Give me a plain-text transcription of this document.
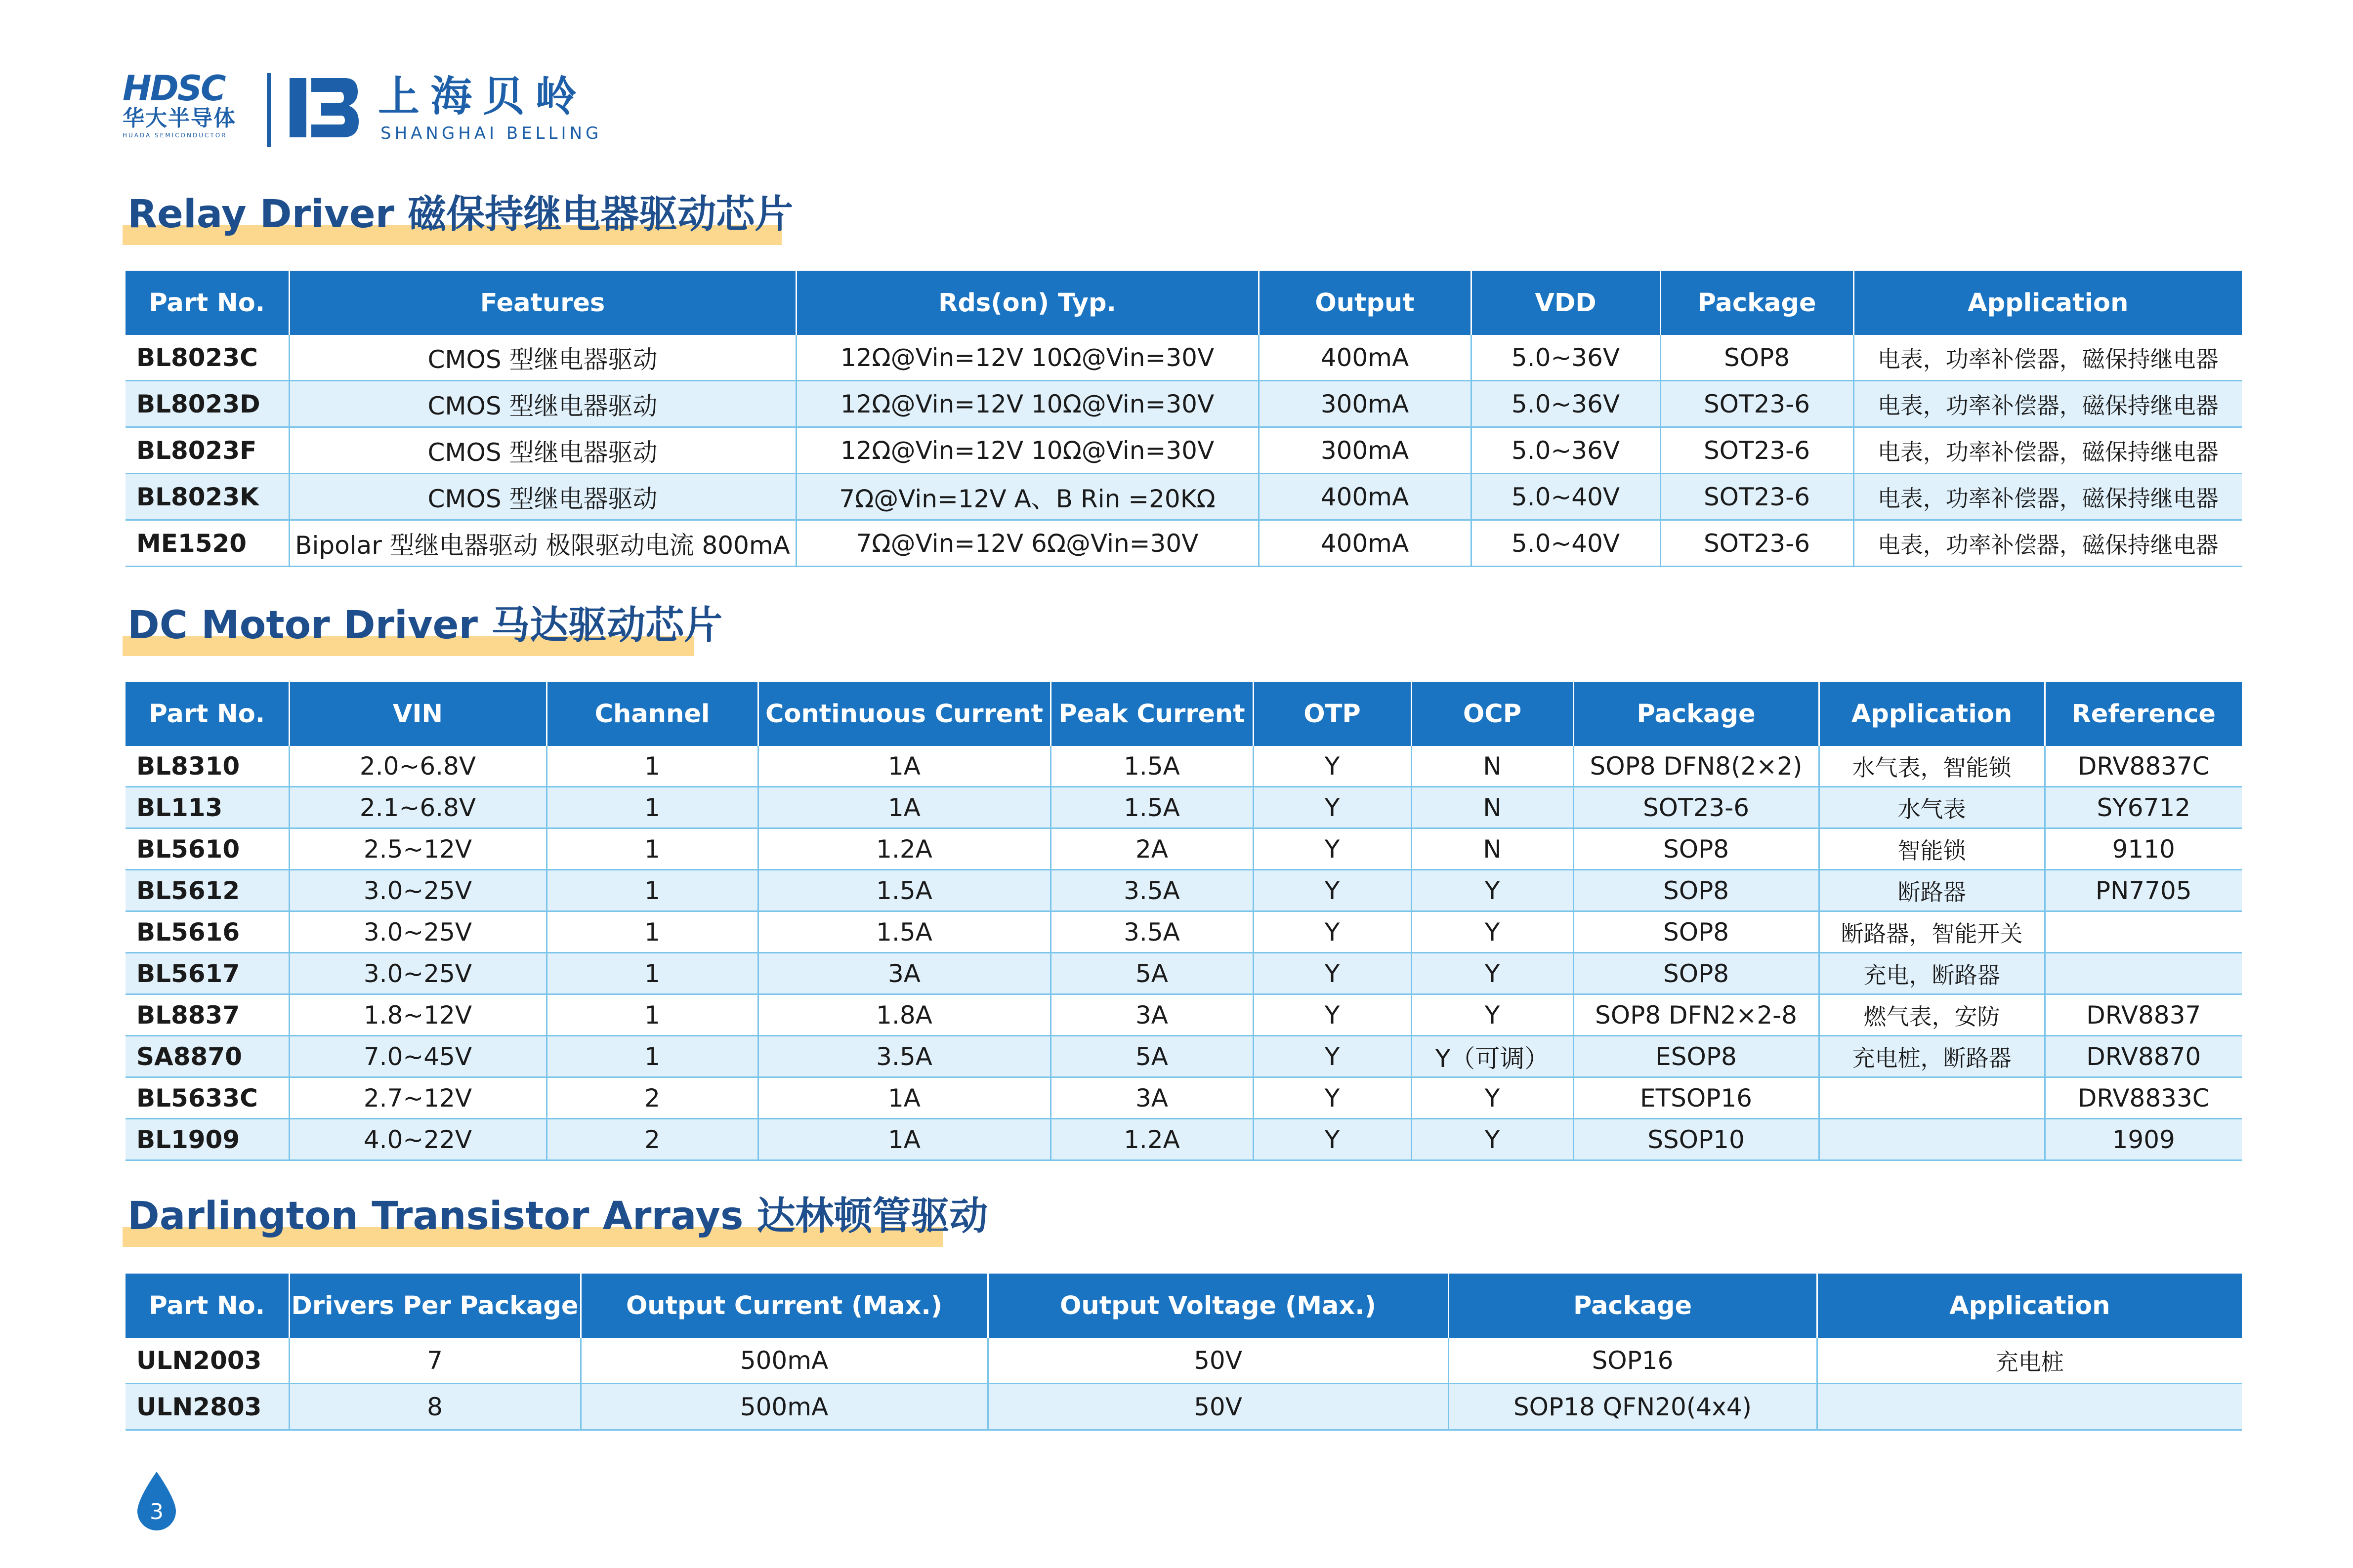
HDSC
华大半导体
HUADA SEMICONDUCTOR
上海贝岭
SHANGHAI BELLING
Relay Driver 磁保持继电器驱动芯片
Part No.	Features	Rds(on) Typ.	Output	VDD	Package	Application
BL8023C	CMOS 型继电器驱动	12Ω@Vin=12V 10Ω@Vin=30V	400mA	5.0~36V	SOP8	电表，功率补偿器，磁保持继电器
BL8023D	CMOS 型继电器驱动	12Ω@Vin=12V 10Ω@Vin=30V	300mA	5.0~36V	SOT23-6	电表，功率补偿器，磁保持继电器
BL8023F	CMOS 型继电器驱动	12Ω@Vin=12V 10Ω@Vin=30V	300mA	5.0~36V	SOT23-6	电表，功率补偿器，磁保持继电器
BL8023K	CMOS 型继电器驱动	7Ω@Vin=12V A、B Rin =20KΩ	400mA	5.0~40V	SOT23-6	电表，功率补偿器，磁保持继电器
ME1520	Bipolar 型继电器驱动 极限驱动电流 800mA	7Ω@Vin=12V 6Ω@Vin=30V	400mA	5.0~40V	SOT23-6	电表，功率补偿器，磁保持继电器
DC Motor Driver 马达驱动芯片
Part No.	VIN	Channel	Continuous Current	Peak Current	OTP	OCP	Package	Application	Reference
BL8310	2.0~6.8V	1	1A	1.5A	Y	N	SOP8 DFN8(2×2)	水气表，智能锁	DRV8837C
BL113	2.1~6.8V	1	1A	1.5A	Y	N	SOT23-6	水气表	SY6712
BL5610	2.5~12V	1	1.2A	2A	Y	N	SOP8	智能锁	9110
BL5612	3.0~25V	1	1.5A	3.5A	Y	Y	SOP8	断路器	PN7705
BL5616	3.0~25V	1	1.5A	3.5A	Y	Y	SOP8	断路器，智能开关	
BL5617	3.0~25V	1	3A	5A	Y	Y	SOP8	充电，断路器	
BL8837	1.8~12V	1	1.8A	3A	Y	Y	SOP8 DFN2×2-8	燃气表，安防	DRV8837
SA8870	7.0~45V	1	3.5A	5A	Y	Y（可调）	ESOP8	充电桩，断路器	DRV8870
BL5633C	2.7~12V	2	1A	3A	Y	Y	ETSOP16		DRV8833C
BL1909	4.0~22V	2	1A	1.2A	Y	Y	SSOP10		1909
Darlington Transistor Arrays 达林顿管驱动
Part No.	Drivers Per Package	Output Current (Max.)	Output Voltage (Max.)	Package	Application
ULN2003	7	500mA	50V	SOP16	充电桩
ULN2803	8	500mA	50V	SOP18 QFN20(4x4)	
3
